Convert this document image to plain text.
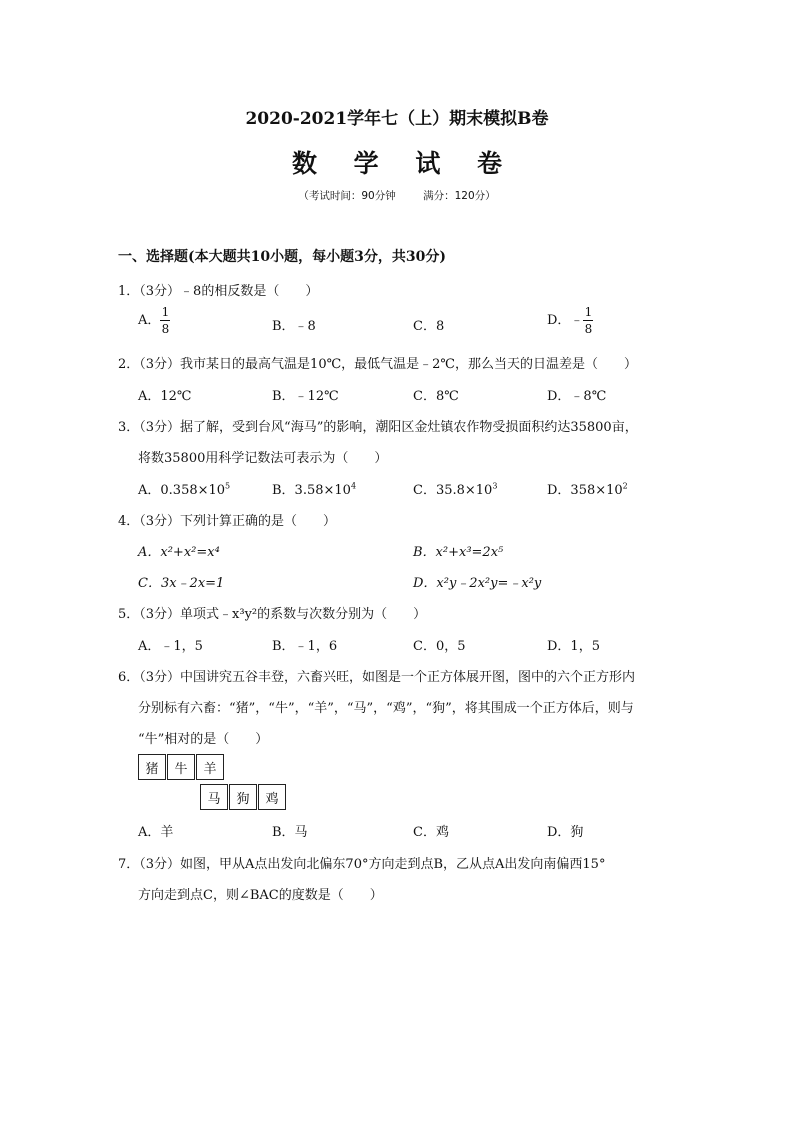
2020-2021学年七（上）期末模拟B卷
数 学 试 卷
（考试时间：90分钟	满分：120分）
一、选择题(本大题共10小题，每小题3分，共30分)
1．（3分）﹣8的相反数是（　　）
A． $\frac{1}{8}$	B．﹣8	C．8	D．﹣ $\frac{1}{8}$
2．（3分）我市某日的最高气温是10℃，最低气温是﹣2℃，那么当天的日温差是（　　）
A．12℃	B．﹣12℃	C．8℃	D．﹣8℃
3．（3分）据了解，受到台风“海马”的影响，潮阳区金灶镇农作物受损面积约达35800亩，
将数35800用科学记数法可表示为（　　）
A．$0.358\times 10^5$	B．$3.58\times 10^4$	C．$35.8\times 10^3$	D．$358\times 10^2$
4．（3分）下列计算正确的是（　　）
A．x²+x²=x⁴	B．x²+x³=2x⁵
C．3x﹣2x=1	D．x²y﹣2x²y=﹣x²y
5．（3分）单项式﹣x³y²的系数与次数分别为（　　）
A．﹣1，5	B．﹣1，6	C．0，5	D．1，5
6．（3分）中国讲究五谷丰登，六畜兴旺，如图是一个正方体展开图，图中的六个正方形内
分别标有六畜：“猪”，“牛”，“羊”，“马”，“鸡”，“狗”，将其围成一个正方体后，则与
“牛”相对的是（　　）
猪	牛	羊
马	狗	鸡
A．羊	B．马	C．鸡	D．狗
7．（3分）如图，甲从A点出发向北偏东70°方向走到点B，乙从点A出发向南偏西15°
方向走到点C，则∠BAC的度数是（　　）
